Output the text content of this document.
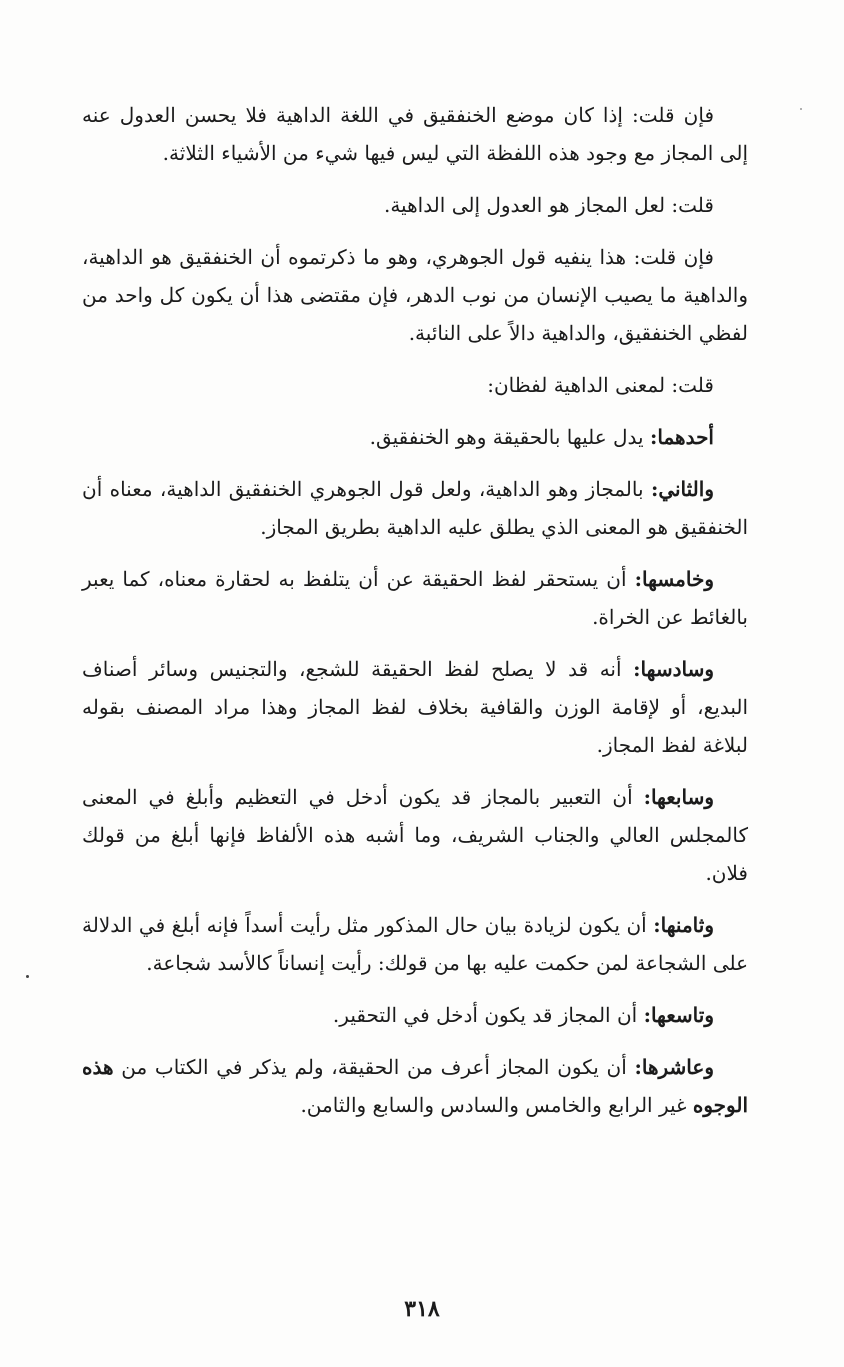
فإن قلت: إذا كان موضع الخنفقيق في اللغة الداهية فلا يحسن العدول عنه إلى المجاز مع وجود هذه اللفظة التي ليس فيها شيء من الأشياء الثلاثة.

قلت: لعل المجاز هو العدول إلى الداهية.

فإن قلت: هذا ينفيه قول الجوهري، وهو ما ذكرتموه أن الخنفقيق هو الداهية، والداهية ما يصيب الإنسان من نوب الدهر، فإن مقتضى هذا أن يكون كل واحد من لفظي الخنفقيق، والداهية دالاً على النائبة.

قلت: لمعنى الداهية لفظان:

أحدهما: يدل عليها بالحقيقة وهو الخنفقيق.

والثاني: بالمجاز وهو الداهية، ولعل قول الجوهري الخنفقيق الداهية، معناه أن الخنفقيق هو المعنى الذي يطلق عليه الداهية بطريق المجاز.

وخامسها: أن يستحقر لفظ الحقيقة عن أن يتلفظ به لحقارة معناه، كما يعبر بالغائط عن الخراة.

وسادسها: أنه قد لا يصلح لفظ الحقيقة للشجع، والتجنيس وسائر أصناف البديع، أو لإقامة الوزن والقافية بخلاف لفظ المجاز وهذا مراد المصنف بقوله لبلاغة لفظ المجاز.

وسابعها: أن التعبير بالمجاز قد يكون أدخل في التعظيم وأبلغ في المعنى كالمجلس العالي والجناب الشريف، وما أشبه هذه الألفاظ فإنها أبلغ من قولك فلان.

وثامنها: أن يكون لزيادة بيان حال المذكور مثل رأيت أسداً فإنه أبلغ في الدلالة على الشجاعة لمن حكمت عليه بها من قولك: رأيت إنساناً كالأسد شجاعة.

وتاسعها: أن المجاز قد يكون أدخل في التحقير.

وعاشرها: أن يكون المجاز أعرف من الحقيقة، ولم يذكر في الكتاب من هذه الوجوه غير الرابع والخامس والسادس والسابع والثامن.

٣١٨
